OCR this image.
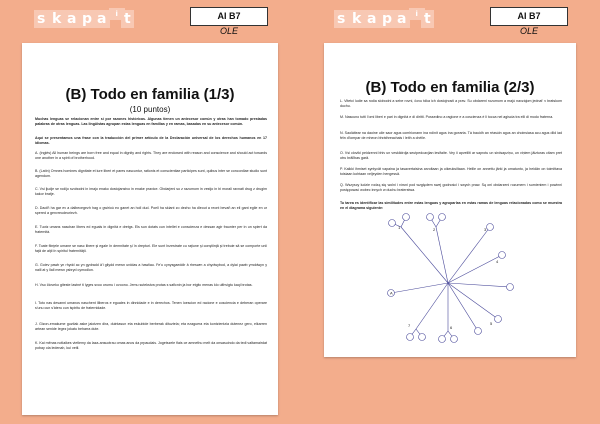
s k a p a	i t	AI B7
OLE
(B) Todo en familia (1/3)
(10 puntos)
Muchas lenguas se relacionan entre sí por razones históricas. Algunas tienen un antecesor común y otras han tomado prestadas palabras de otras lenguas. Las lingüistas agrupan estas lenguas en familias y en ramas, basadas en su antecesor común.
Aquí se presentamos una frase con la traducción del primer artículo de la Declaración universal de los derechos humanos en 17 idiomas.
A. (inglés) All human beings are born free and equal in dignity and rights. They are endowed with reason and conscience and should act towards one another in a spirit of brotherhood.
B. (Latín) Omnes homines dignitate et iure liberi et pares nascuntur, rationis et conscientiae participes sunt, quibus inter se concordiae studio sunt agendum.
C. Vsi ljudje se rodijo svobodni in imajo enako dostojanstvo in enake pravice. Obdarjeni so z razumom in vestjo in bi morali ravnati drug z drugim kakor bratje.
D. Daoïñ ha gar ev a dalbecegezh hag o gwirioù eo ganet an holl dud. Poell ha skiant zo dezho ha dleout a reont bevañ an eil gant egile en ur spered a genvreudeuriezh.
E. Tuotz umans naschan libers ed eguals in dignità e dretgs. Els sun dotats cun intellet e conscienza e dessan agir fraunter per in un spiert da fraternità.
F. Toate fiinţele umane se nasc libere şi egale în demnitate şi în drepturi. Ele sunt înzestrate cu raţiune şi conştiinţă şi trebuie să se comporte unii faţă de alţii în spiritul fraternităţii.
G. Goiev pawb yn rhydd ac yn gydradd â'i gilydd mewn urddas a hawliau. Fe'u cynysgaeddir â rheswm a chydwybod, a dylai pawb ymddwyn y naill at y llall mewn ysbryd cymodlon.
H. Vso človeko giteste lastné ti lyges svoo orumu i ovoono. Jemu sutekstva protas s saficnin ja bor etgitc menas klo ulthvigtu kaqi brotas.
I. Toto nas desanni umanos naschent lliberos e eguales in dinnidade e in derechos. Tenen loescion ed racione e cosciencia e deberan operare s'unu cun s'àteru cun ispiritu de fraternidade.
J. Gizon-emakume guztiak aske jaiotzen dira, duintasun eta eskubide berberak dituztela; eta ezaguera eta kontzientzia dutenez gero, elkarren artean senide legez jokatu beharra dute.
K. Kai mënas notlaikes vietlemy da laza-ansuotrau omas anos da prpaudais. Jogetszele fiais ce amnethu melt da onsasuindo da tedi valtamairdat pobay ola ledenah, kui vetil.
s k a p a	i t	AI B7
OLE
(B) Todo en familia (2/3)
L. Vitetci ludie sa rodia slobodni a sebe rovni, čovu tdka ich dostojnosti a prav. Su obdareni rozumom a majú navzájom jednat' v bratskom duchu.
M. Nascuno tutti l'omi liberi e pari in dignità e di diritti. Possedino a ragione e a coscienza è li tocca nel agiscia tra elli di modo fraterna.
N. Saoláitear na daoine uile saor agus comhionann ina ndínit agus ina gcearta. Tá bauidh an réasúin agus an choinsiasa acu agus dlid iad féin d'iompar de mheon bhráthreachais i leith a chéile.
O. Vsi cloviki peidzenni bhiv un vesklidrdja seutpedcavjian lesifaite. Vey ii apvelilti ar saprotu un sirdsapziņu, un viņiem jāizturas citam pret otru brālības garā.
P. Kaikki ihmiset syntyvät vapaina ja tasavertaisina arvoltaan ja oikeuksiltaan. Heille on annettu järki ja omatunto, ja heidän on toimittava toisiaan kohtaan veljeyden hengessä.
Q. Wszyscy ludzie rodzą się wolni i równi pod względem swej godności i swych praw. Są oni obdarzeni rozumem i sumieniem i powinni postępować wobec innych w duchu braterstwa.
Tu tarea es identificar las similitudes entre estas lenguas y agruparlas en estas ramas de lenguas relacionadas como se muestra en el diagrama siguiente:
A
1	2	3
4
5
6
7
